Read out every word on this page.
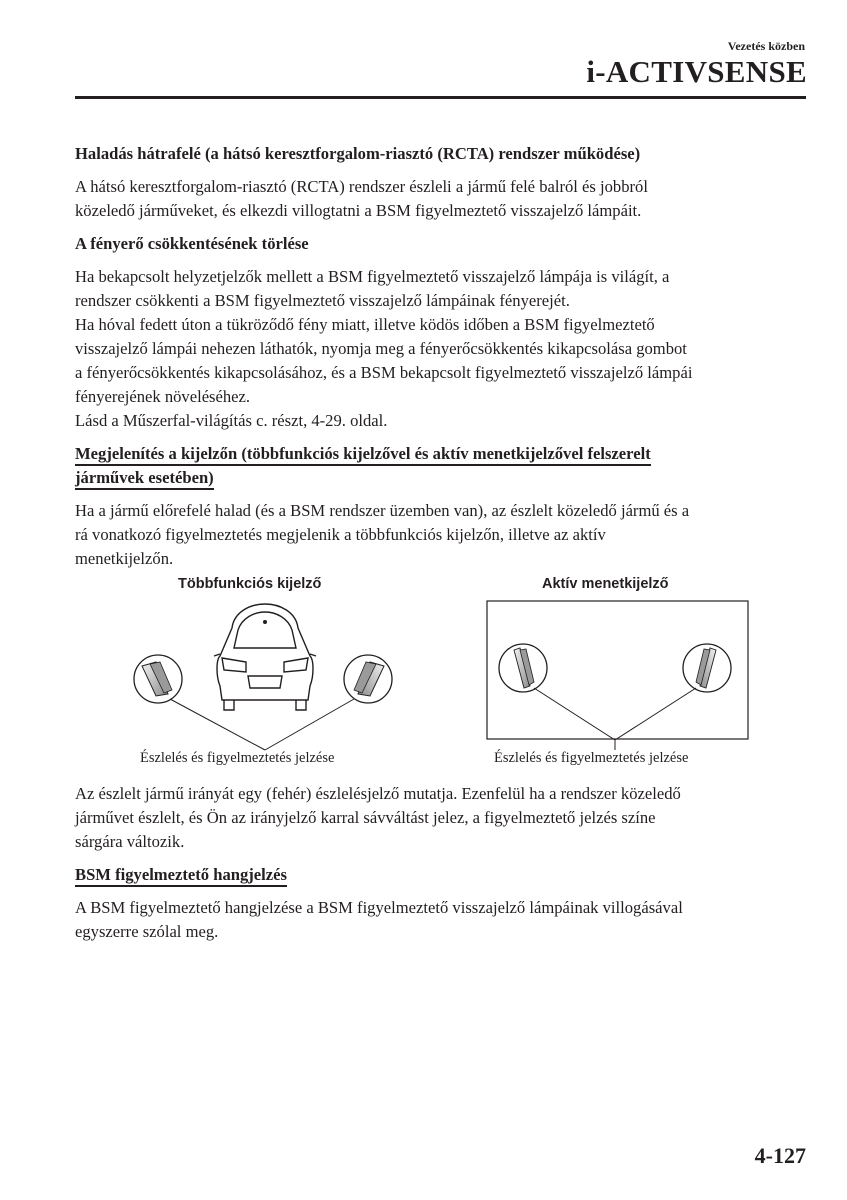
Vezetés közben
i-ACTIVSENSE

Haladás hátrafelé (a hátsó keresztforgalom-riasztó (RCTA) rendszer működése)

A hátsó keresztforgalom-riasztó (RCTA) rendszer észleli a jármű felé balról és jobbról

közeledő járműveket, és elkezdi villogtatni a BSM figyelmeztető visszajelző lámpáit.

A fényerő csökkentésének törlése

Ha bekapcsolt helyzetjelzők mellett a BSM figyelmeztető visszajelző lámpája is világít, a

rendszer csökkenti a BSM figyelmeztető visszajelző lámpáinak fényerejét.

Ha hóval fedett úton a tükröződő fény miatt, illetve ködös időben a BSM figyelmeztető

visszajelző lámpái nehezen láthatók, nyomja meg a fényerőcsökkentés kikapcsolása gombot

a fényerőcsökkentés kikapcsolásához, és a BSM bekapcsolt figyelmeztető visszajelző lámpái

fényerejének növeléséhez.

Lásd a Műszerfal-világítás c. részt, 4-29. oldal.

Megjelenítés a kijelzőn (többfunkciós kijelzővel és aktív menetkijelzővel felszerelt

járművek esetében)

Ha a jármű előrefelé halad (és a BSM rendszer üzemben van), az észlelt közeledő jármű és a

rá vonatkozó figyelmeztetés megjelenik a többfunkciós kijelzőn, illetve az aktív

menetkijelzőn.

Többfunkciós kijelző
Észlelés és figyelmeztetés jelzése
Aktív menetkijelző
Észlelés és figyelmeztetés jelzése

Az észlelt jármű irányát egy (fehér) észlelésjelző mutatja. Ezenfelül ha a rendszer közeledő

járművet észlelt, és Ön az irányjelző karral sávváltást jelez, a figyelmeztető jelzés színe

sárgára változik.

BSM figyelmeztető hangjelzés

A BSM figyelmeztető hangjelzése a BSM figyelmeztető visszajelző lámpáinak villogásával

egyszerre szólal meg.

4-127
